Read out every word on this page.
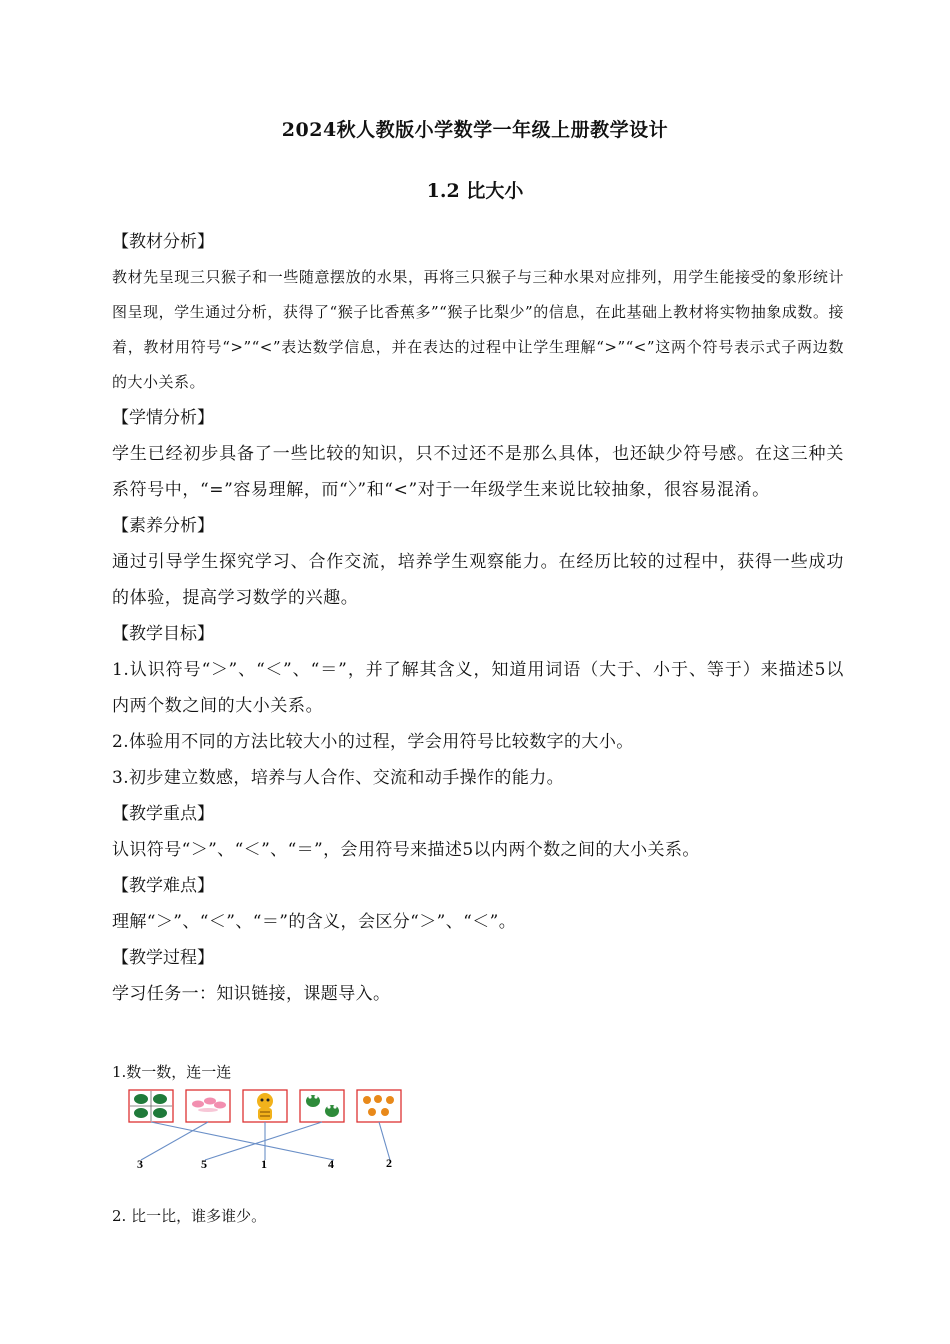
2024秋人教版小学数学一年级上册教学设计
1.2 比大小
【教材分析】
教材先呈现三只猴子和一些随意摆放的水果，再将三只猴子与三种水果对应排列，用学生能接受的象形统计图呈现，学生通过分析，获得了“猴子比香蕉多”“猴子比梨少”的信息，在此基础上教材将实物抽象成数。接着，教材用符号“>”“<”表达数学信息，并在表达的过程中让学生理解“>”“<”这两个符号表示式子两边数的大小关系。
【学情分析】
学生已经初步具备了一些比较的知识，只不过还不是那么具体，也还缺少符号感。在这三种关系符号中，“=”容易理解，而“〉”和“<”对于一年级学生来说比较抽象，很容易混淆。
【素养分析】
通过引导学生探究学习、合作交流，培养学生观察能力。在经历比较的过程中，获得一些成功的体验，提高学习数学的兴趣。
【教学目标】
1.认识符号“＞”、“＜”、“＝”，并了解其含义，知道用词语（大于、小于、等于）来描述5以内两个数之间的大小关系。
2.体验用不同的方法比较大小的过程，学会用符号比较数字的大小。
3.初步建立数感，培养与人合作、交流和动手操作的能力。
【教学重点】
认识符号“＞”、“＜”、“＝”，会用符号来描述5以内两个数之间的大小关系。
【教学难点】
理解“＞”、“＜”、“＝”的含义，会区分“＞”、“＜”。
【教学过程】
学习任务一：知识链接，课题导入。
1.数一数，连一连
3	5	1	4	2
2. 比一比，谁多谁少。
